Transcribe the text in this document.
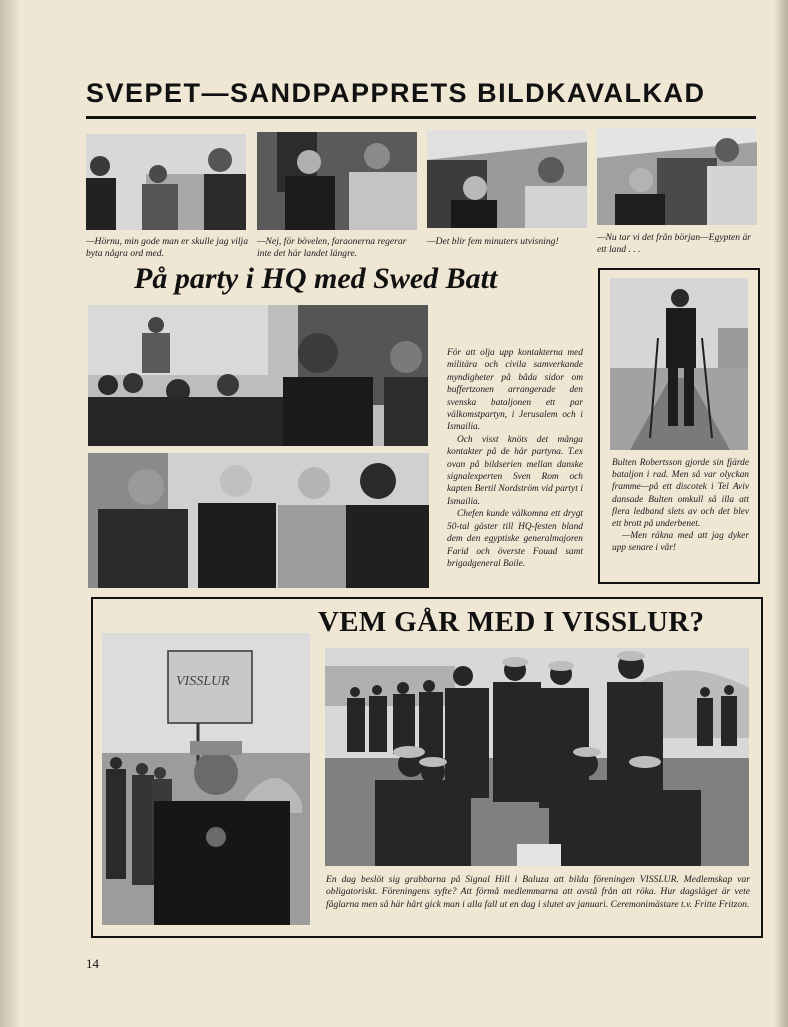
SVEPET—SANDPAPPRETS BILDKAVALKAD
—Hörnu, min gode man er skulle jag vilja byta några ord med.
—Nej, för bövelen, faraonerna regerar inte det här landet längre.
—Det blir fem minuters utvisning!	—Nu tar vi det från början—Egypten är ett land . . .
På party i HQ med Swed Batt

För att olja upp kontakterna med militära och civila samverkande myndigheter på båda sidor om buffertzonen arrangerade den svenska bataljonen ett par välkomstpartyn, i Jerusalem och i Ismailia.

Och visst knöts det många kontakter på de här partyna. T.ex ovan på bildserien mellan danske signalexperten Sven Rom och kapten Bertil Nordström vid partyt i Ismailia.

Chefen kunde välkomna ett drygt 50-tal gäster till HQ-festen bland dem den egyptiske generalmajoren Farid och överste Fouad samt brigadgeneral Baile.

Bulten Robertsson gjorde sin fjärde bataljon i rad. Men så var olyckan framme—på ett discotek i Tel Aviv dansade Bulten omkull så illa att flera ledband slets av och det blev ett brott på underbenet.

—Men räkna med att jag dyker upp senare i vår!

VEM GÅR MED I VISSLUR?
VISSLUR
En dag beslöt sig grabbarna på Signal Hill i Baluza att bilda föreningen VISSLUR. Medlemskap var obligatoriskt. Föreningens syfte? Att förmå medlemmarna att avstå från att röka. Hur dagsläget är vete fåglarna men så här hårt gick man i alla fall ut en dag i slutet av januari. Ceremonimästare t.v. Fritte Fritzon.
14
